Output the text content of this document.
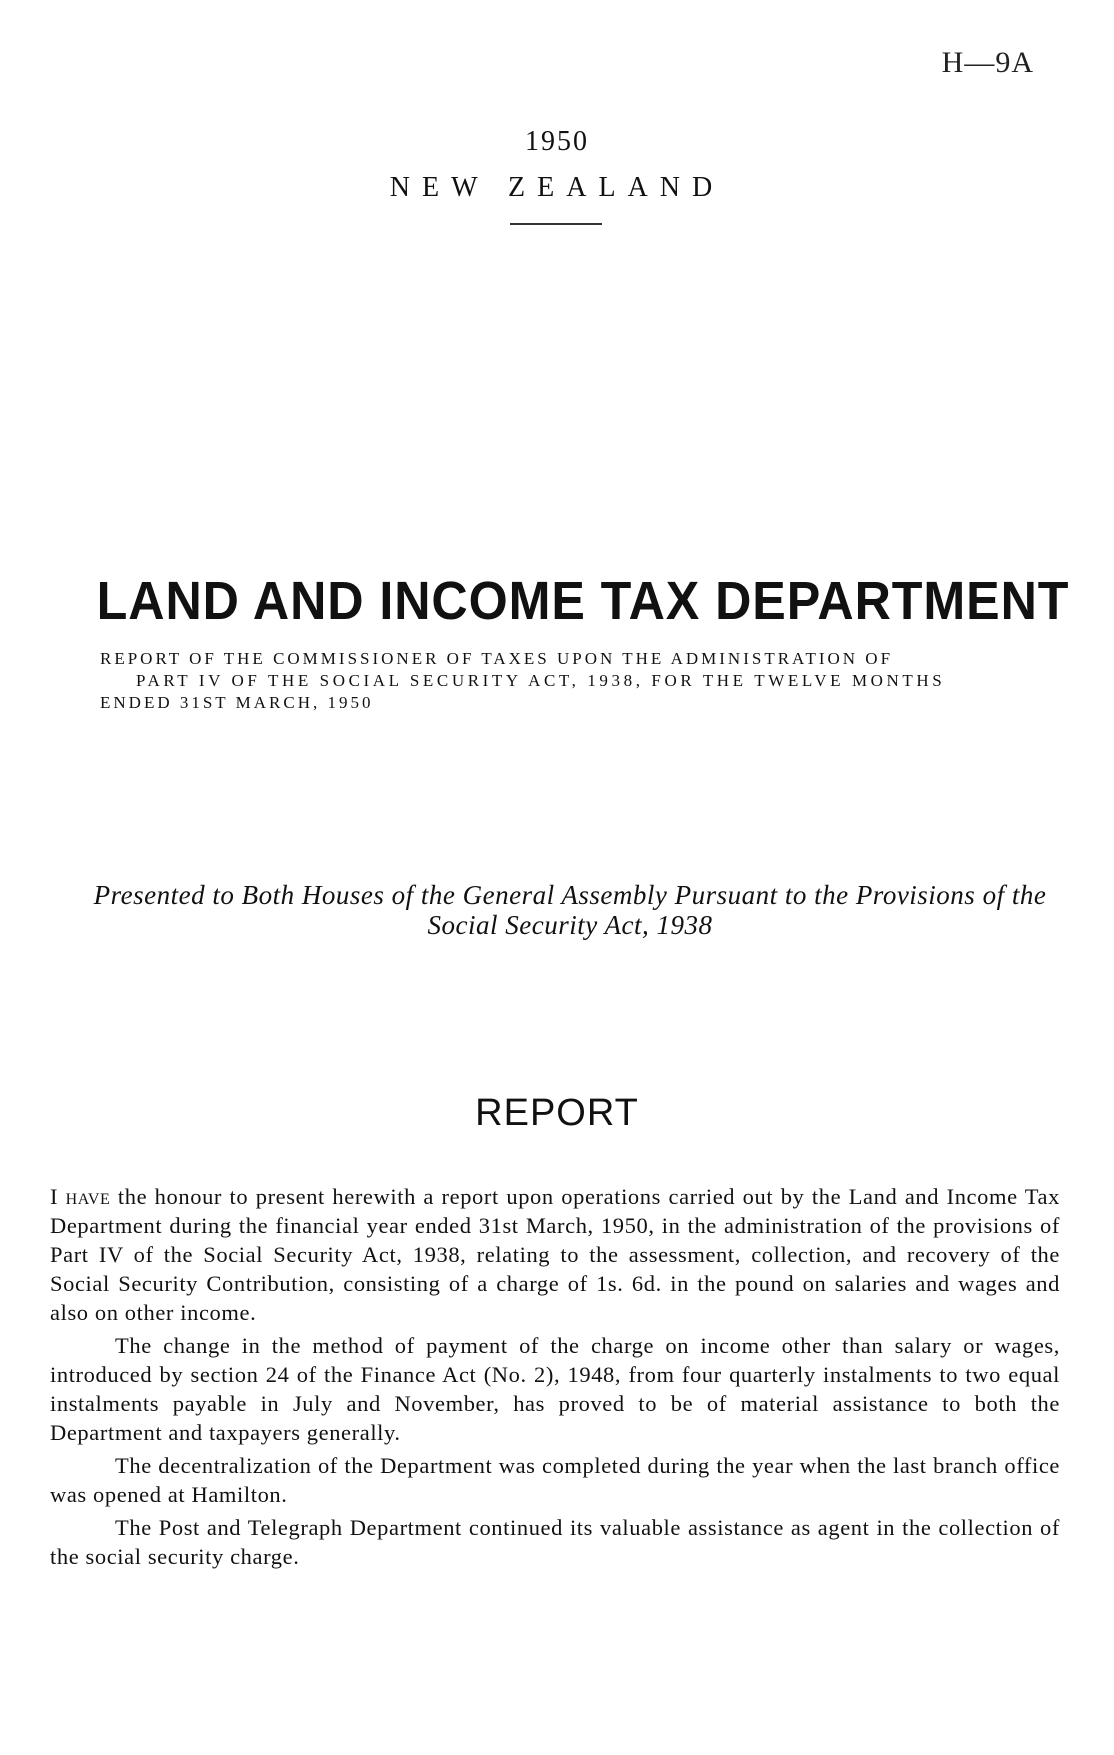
H—9A
1950
NEW ZEALAND
LAND AND INCOME TAX DEPARTMENT
REPORT OF THE COMMISSIONER OF TAXES UPON THE ADMINISTRATION OF
PART IV OF THE SOCIAL SECURITY ACT, 1938, FOR THE TWELVE MONTHS
ENDED 31ST MARCH, 1950
Presented to Both Houses of the General Assembly Pursuant to the Provisions of the Social Security Act, 1938
REPORT

I have the honour to present herewith a report upon operations carried out by the Land and Income Tax Department during the financial year ended 31st March, 1950, in the administration of the provisions of Part IV of the Social Security Act, 1938, relating to the assessment, collection, and recovery of the Social Security Contribution, consisting of a charge of 1s. 6d. in the pound on salaries and wages and also on other income.

The change in the method of payment of the charge on income other than salary or wages, introduced by section 24 of the Finance Act (No. 2), 1948, from four quarterly instalments to two equal instalments payable in July and November, has proved to be of material assistance to both the Department and taxpayers generally.

The decentralization of the Department was completed during the year when the last branch office was opened at Hamilton.

The Post and Telegraph Department continued its valuable assistance as agent in the collection of the social security charge.
